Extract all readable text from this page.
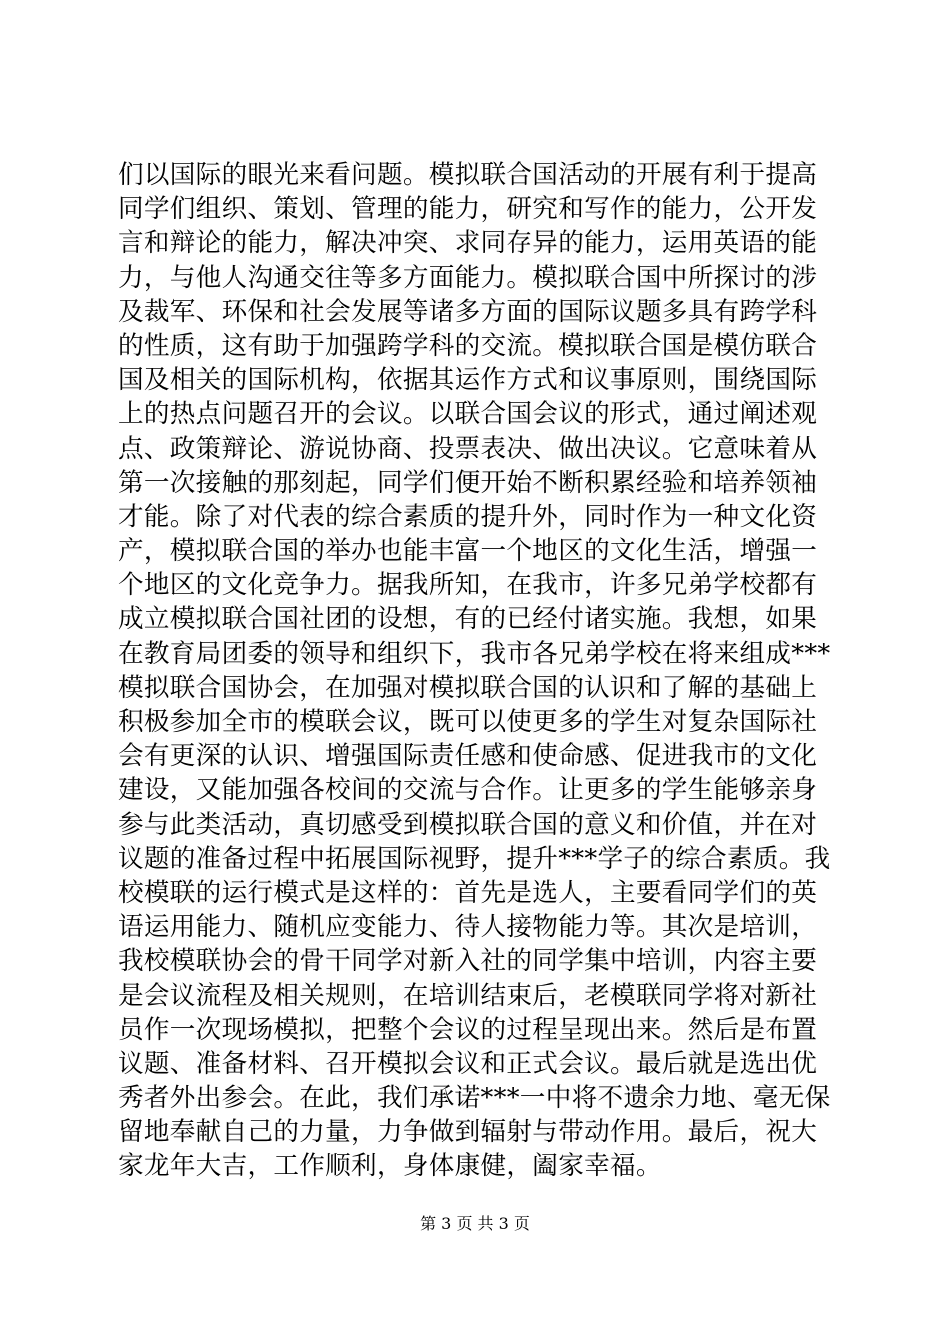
们以国际的眼光来看问题。模拟联合国活动的开展有利于提高
同学们组织、策划、管理的能力，研究和写作的能力，公开发
言和辩论的能力，解决冲突、求同存异的能力，运用英语的能
力，与他人沟通交往等多方面能力。模拟联合国中所探讨的涉
及裁军、环保和社会发展等诸多方面的国际议题多具有跨学科
的性质，这有助于加强跨学科的交流。模拟联合国是模仿联合
国及相关的国际机构，依据其运作方式和议事原则，围绕国际
上的热点问题召开的会议。以联合国会议的形式，通过阐述观
点、政策辩论、游说协商、投票表决、做出决议。它意味着从
第一次接触的那刻起，同学们便开始不断积累经验和培养领袖
才能。除了对代表的综合素质的提升外，同时作为一种文化资
产，模拟联合国的举办也能丰富一个地区的文化生活，增强一
个地区的文化竞争力。据我所知，在我市，许多兄弟学校都有
成立模拟联合国社团的设想，有的已经付诸实施。我想，如果
在教育局团委的领导和组织下，我市各兄弟学校在将来组成***
模拟联合国协会，在加强对模拟联合国的认识和了解的基础上
积极参加全市的模联会议，既可以使更多的学生对复杂国际社
会有更深的认识、增强国际责任感和使命感、促进我市的文化
建设，又能加强各校间的交流与合作。让更多的学生能够亲身
参与此类活动，真切感受到模拟联合国的意义和价值，并在对
议题的准备过程中拓展国际视野，提升***学子的综合素质。我
校模联的运行模式是这样的：首先是选人，主要看同学们的英
语运用能力、随机应变能力、待人接物能力等。其次是培训，
我校模联协会的骨干同学对新入社的同学集中培训，内容主要
是会议流程及相关规则，在培训结束后，老模联同学将对新社
员作一次现场模拟，把整个会议的过程呈现出来。然后是布置
议题、准备材料、召开模拟会议和正式会议。最后就是选出优
秀者外出参会。在此，我们承诺***一中将不遗余力地、毫无保
留地奉献自己的力量，力争做到辐射与带动作用。最后，祝大
家龙年大吉，工作顺利，身体康健，阖家幸福。
第 3 页 共 3 页
